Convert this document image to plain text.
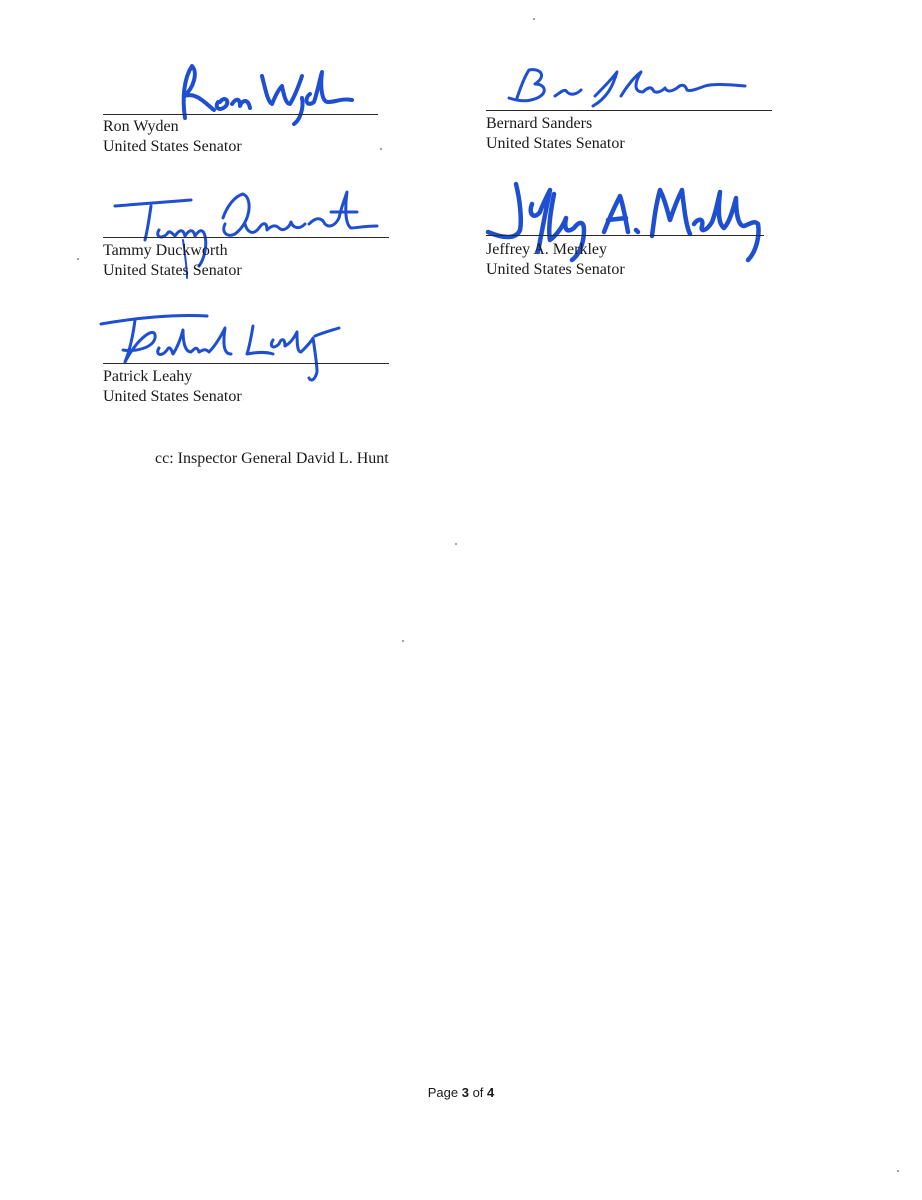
Ron Wyden
United States Senator
Bernard Sanders
United States Senator
Tammy Duckworth
United States Senator
Jeffrey A. Merkley
United States Senator
Patrick Leahy
United States Senator
cc: Inspector General David L. Hunt
Page 3 of 4
